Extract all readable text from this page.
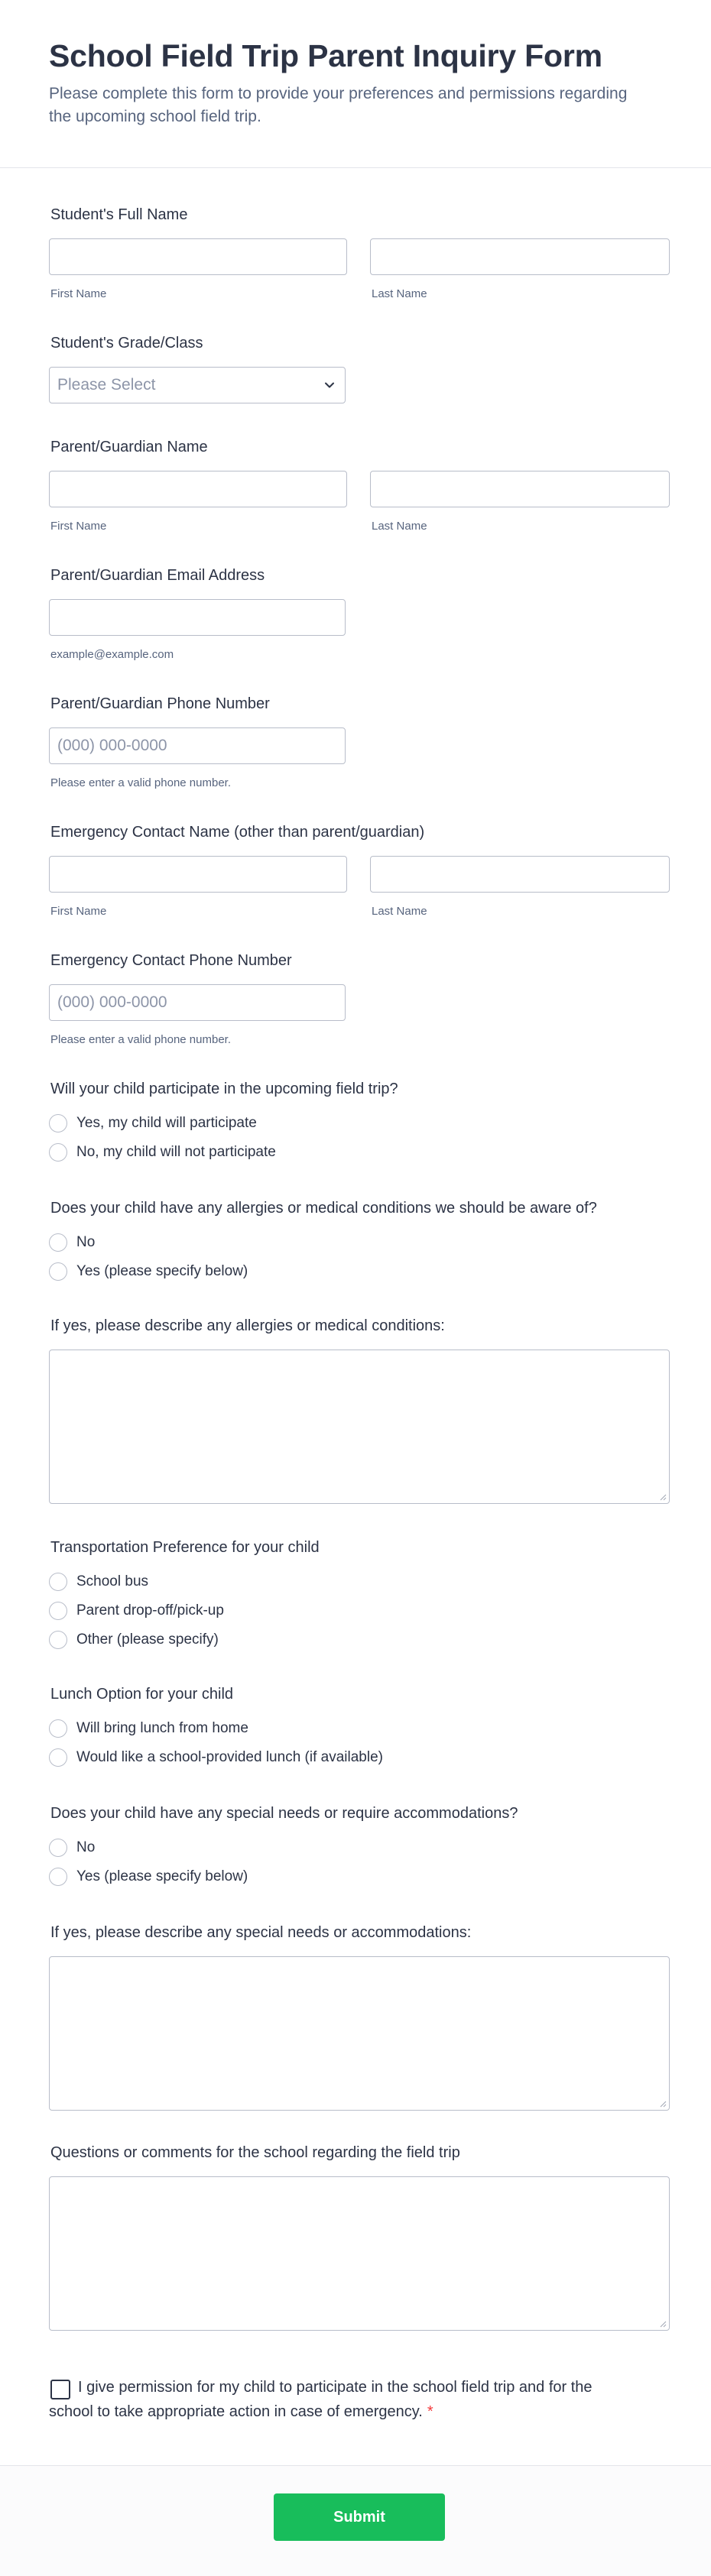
School Field Trip Parent Inquiry Form
Please complete this form to provide your preferences and permissions regarding the upcoming school field trip.
Student's Full Name
First Name	Last Name
Student's Grade/Class
Please Select
Parent/Guardian Name
First Name	Last Name
Parent/Guardian Email Address
example@example.com
Parent/Guardian Phone Number
(000) 000-0000
Please enter a valid phone number.
Emergency Contact Name (other than parent/guardian)
First Name	Last Name
Emergency Contact Phone Number
(000) 000-0000
Please enter a valid phone number.
Will your child participate in the upcoming field trip?
Yes, my child will participate
No, my child will not participate
Does your child have any allergies or medical conditions we should be aware of?
No
Yes (please specify below)
If yes, please describe any allergies or medical conditions:
Transportation Preference for your child
School bus
Parent drop-off/pick-up
Other (please specify)
Lunch Option for your child
Will bring lunch from home
Would like a school-provided lunch (if available)
Does your child have any special needs or require accommodations?
No
Yes (please specify below)
If yes, please describe any special needs or accommodations:
Questions or comments for the school regarding the field trip
I give permission for my child to participate in the school field trip and for the school to take appropriate action in case of emergency. *
Submit
